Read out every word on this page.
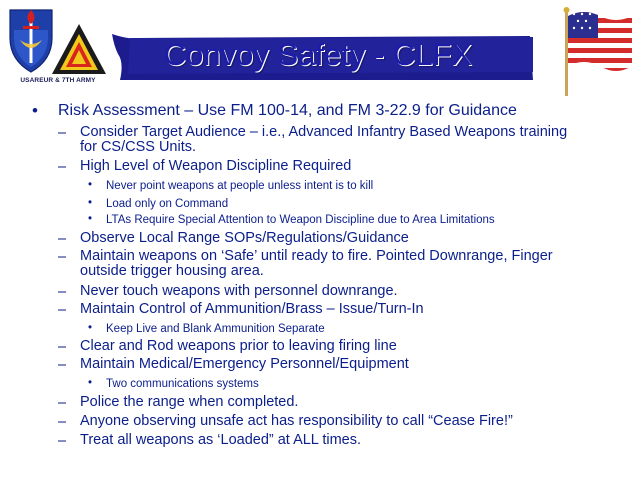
USAREUR & 7TH ARMY
Convoy Safety - CLFX
• Risk Assessment – Use FM 100-14, and FM 3-22.9 for Guidance
– Consider Target Audience – i.e., Advanced Infantry Based Weapons training
for CS/CSS Units.
– High Level of Weapon Discipline Required
• Never point weapons at people unless intent is to kill
• Load only on Command
• LTAs Require Special Attention to Weapon Discipline due to Area Limitations
– Observe Local Range SOPs/Regulations/Guidance
– Maintain weapons on ‘Safe’ until ready to fire. Pointed Downrange, Finger
outside trigger housing area.
– Never touch weapons with personnel downrange.
– Maintain Control of Ammunition/Brass – Issue/Turn-In
• Keep Live and Blank Ammunition Separate
– Clear and Rod weapons prior to leaving firing line
– Maintain Medical/Emergency Personnel/Equipment
• Two communications systems
– Police the range when completed.
– Anyone observing unsafe act has responsibility to call “Cease Fire!”
– Treat all weapons as ‘Loaded” at ALL times.
